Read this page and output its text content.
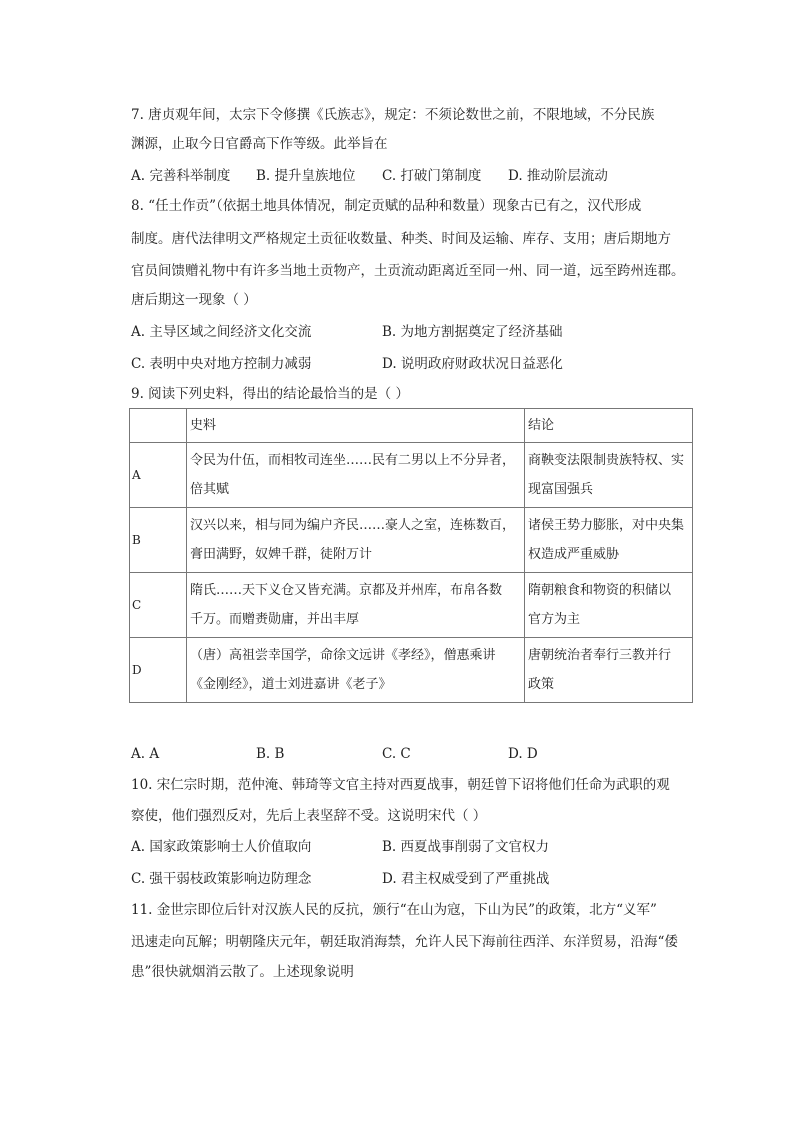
7. 唐贞观年间，太宗下令修撰《氏族志》，规定：不须论数世之前，不限地域，不分民族
渊源，止取今日官爵高下作等级。此举旨在
A. 完善科举制度 B. 提升皇族地位 C. 打破门第制度 D. 推动阶层流动
8. “任土作贡”（依据土地具体情况，制定贡赋的品种和数量）现象古已有之，汉代形成
制度。唐代法律明文严格规定土贡征收数量、种类、时间及运输、库存、支用；唐后期地方
官员间馈赠礼物中有许多当地土贡物产，土贡流动距离近至同一州、同一道，远至跨州连郡。
唐后期这一现象（ ）
A. 主导区域之间经济文化交流	B. 为地方割据奠定了经济基础
C. 表明中央对地方控制力减弱	D. 说明政府财政状况日益恶化
9. 阅读下列史料，得出的结论最恰当的是（ ）
	史料	结论
A	令民为什伍，而相牧司连坐……民有二男以上不分异者，
倍其赋	商鞅变法限制贵族特权、实
现富国强兵

B	汉兴以来，相与同为编户齐民……豪人之室，连栋数百，
膏田满野，奴婢千群，徒附万计	诸侯王势力膨胀，对中央集
权造成严重威胁

C	隋氏……天下义仓又皆充满。京都及并州库，布帛各数
千万。而赠赉勋庸，并出丰厚	隋朝粮食和物资的积储以
官方为主

D	（唐）高祖尝幸国学，命徐文远讲《孝经》，僧惠乘讲
《金刚经》，道士刘进嘉讲《老子》	唐朝统治者奉行三教并行
政策
A. A	B. B	C. C	D. D
10. 宋仁宗时期，范仲淹、韩琦等文官主持对西夏战事，朝廷曾下诏将他们任命为武职的观
察使，他们强烈反对，先后上表坚辞不受。这说明宋代（ ）
A. 国家政策影响士人价值取向	B. 西夏战事削弱了文官权力
C. 强干弱枝政策影响边防理念	D. 君主权威受到了严重挑战
11. 金世宗即位后针对汉族人民的反抗，颁行“在山为寇，下山为民”的政策，北方“义军”
迅速走向瓦解；明朝隆庆元年，朝廷取消海禁，允许人民下海前往西洋、东洋贸易，沿海“倭
患”很快就烟消云散了。上述现象说明
